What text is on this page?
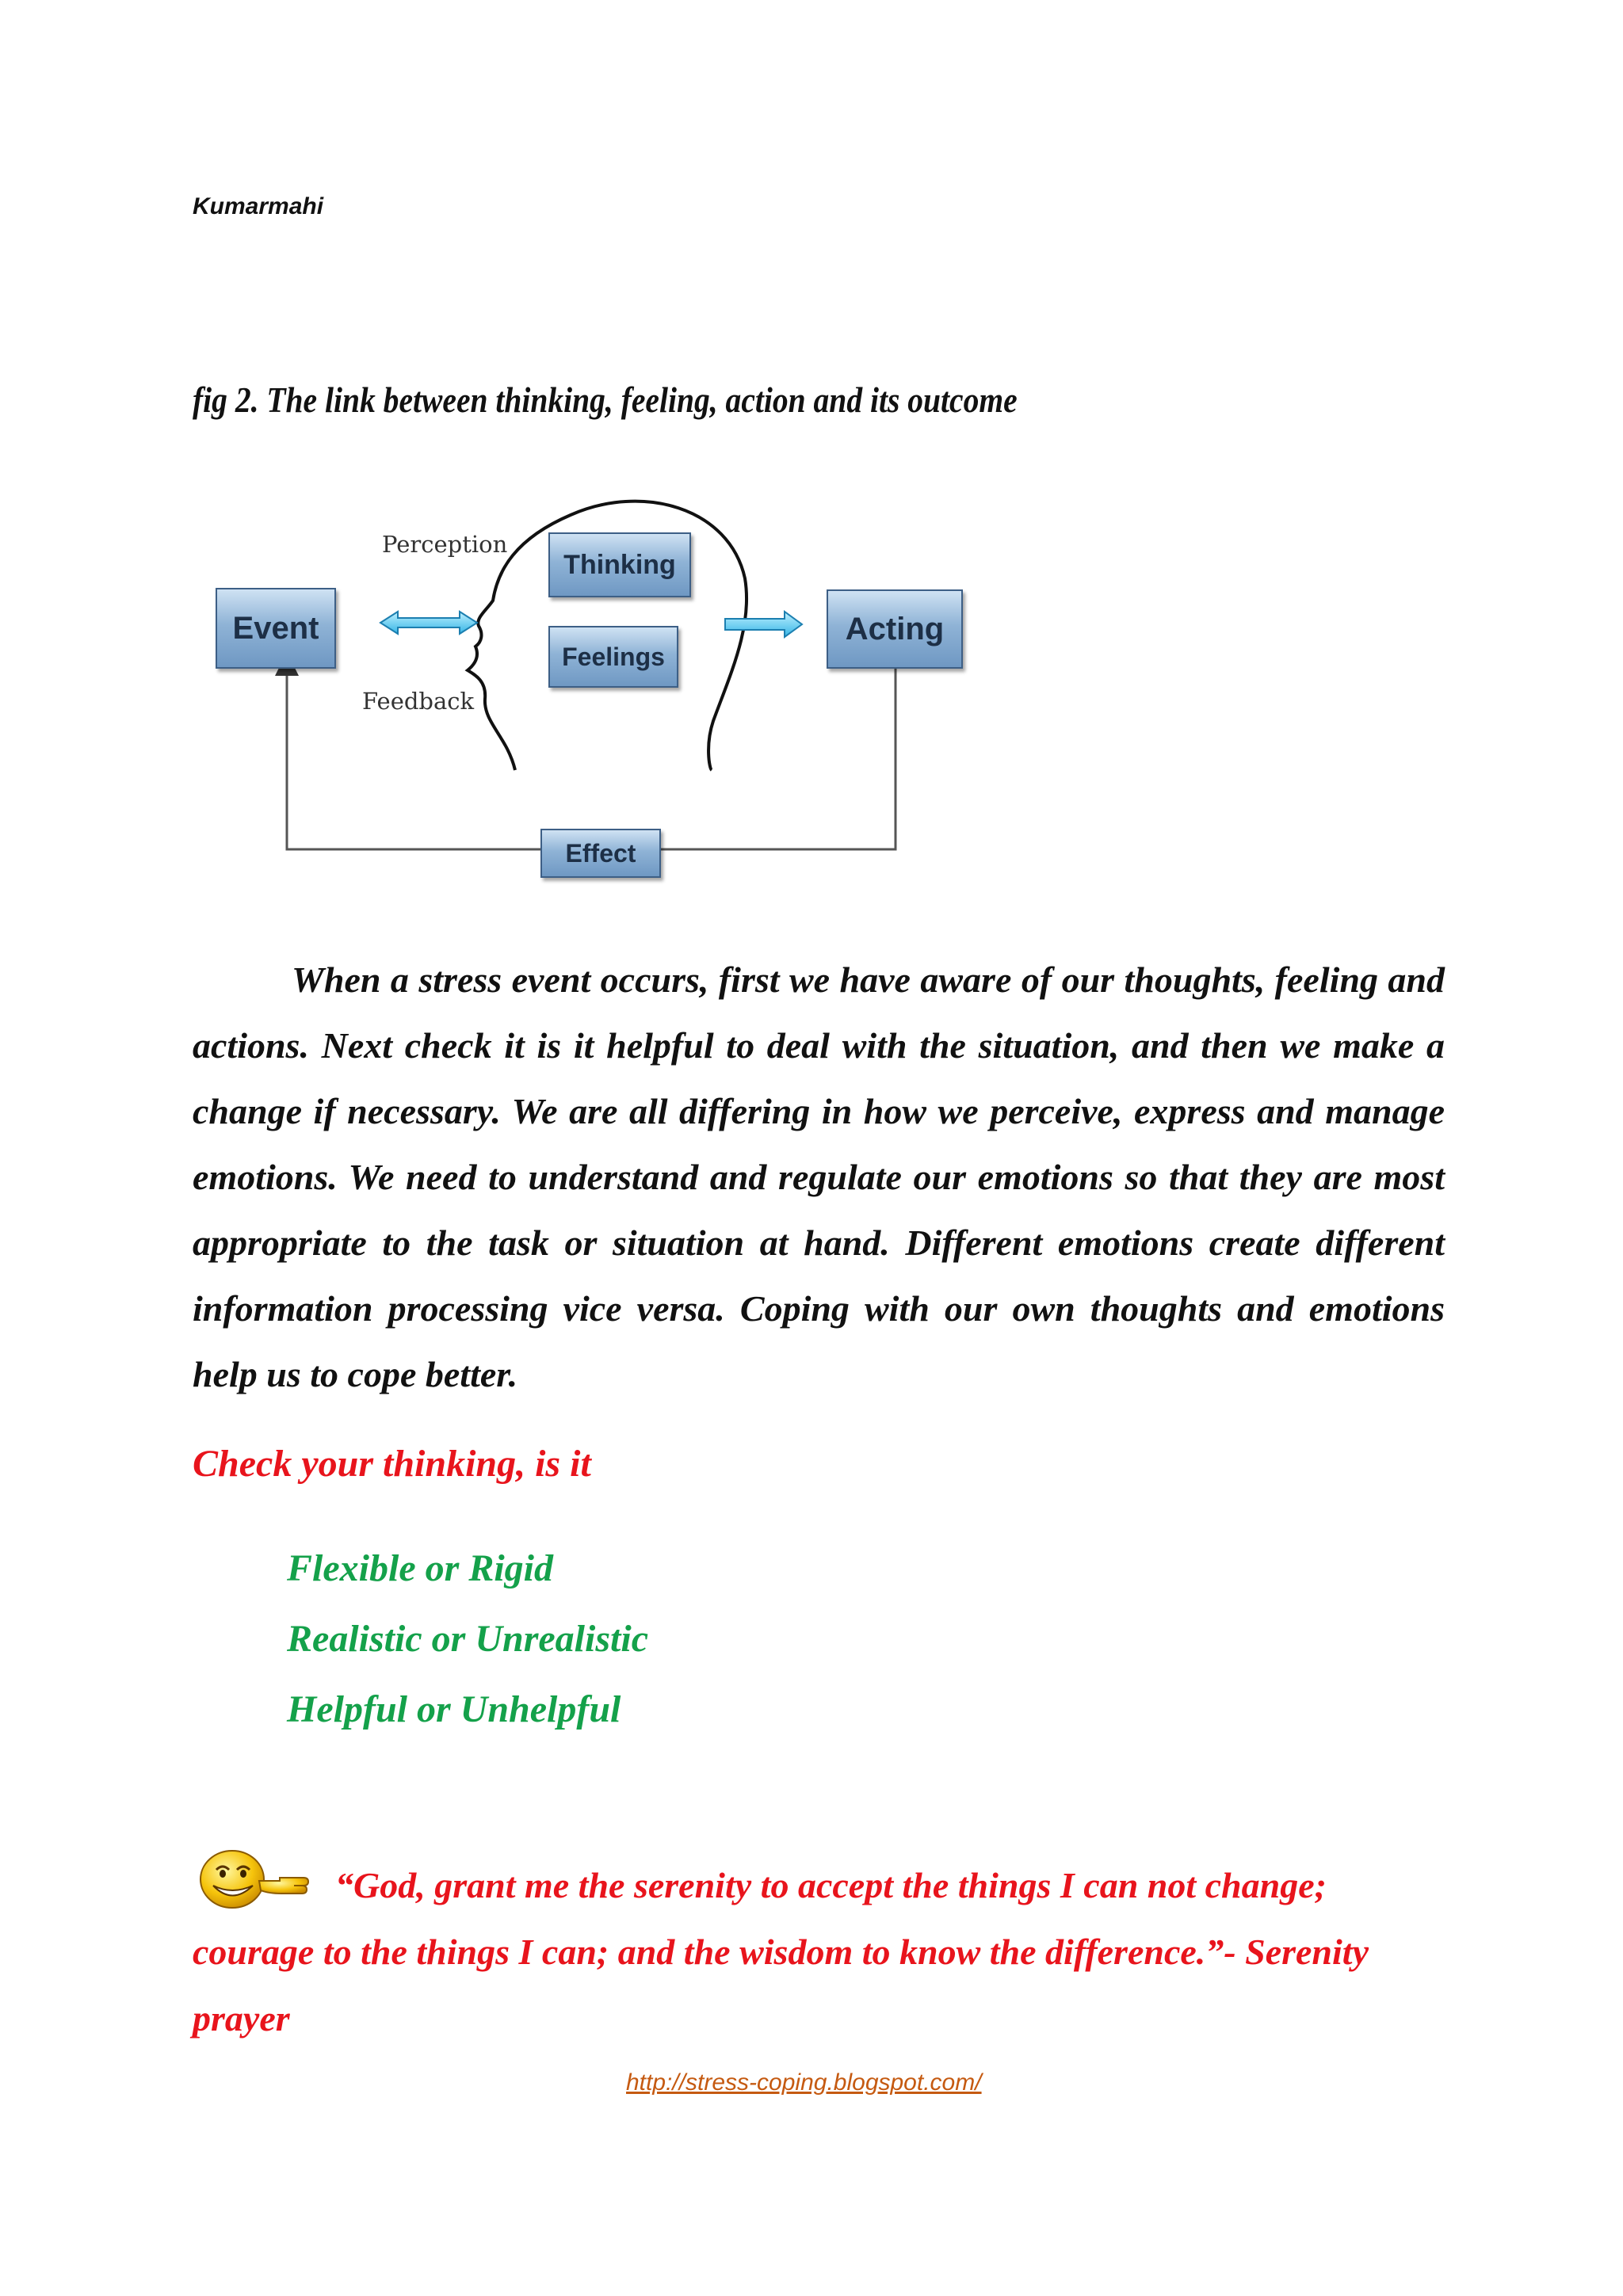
Kumarmahi
fig 2. The link between thinking, feeling, action and its outcome
Event
Thinking
Feelings
Acting
Effect
Perception
Feedback

When a stress event occurs, first we have aware of our thoughts, feeling and actions. Next check it is it helpful to deal with the situation, and then we make a change if necessary. We are all differing in how we perceive, express and manage emotions. We need to understand and regulate our emotions so that they are most appropriate to the task or situation at hand. Different emotions create different information processing vice versa. Coping with our own thoughts and emotions help us to cope better.

Check your thinking, is it
Flexible or Rigid
Realistic or Unrealistic
Helpful or Unhelpful

“God, grant me the serenity to accept the things I can not change; courage to the things I can; and the wisdom to know the difference.”- Serenity prayer

http://stress-coping.blogspot.com/
